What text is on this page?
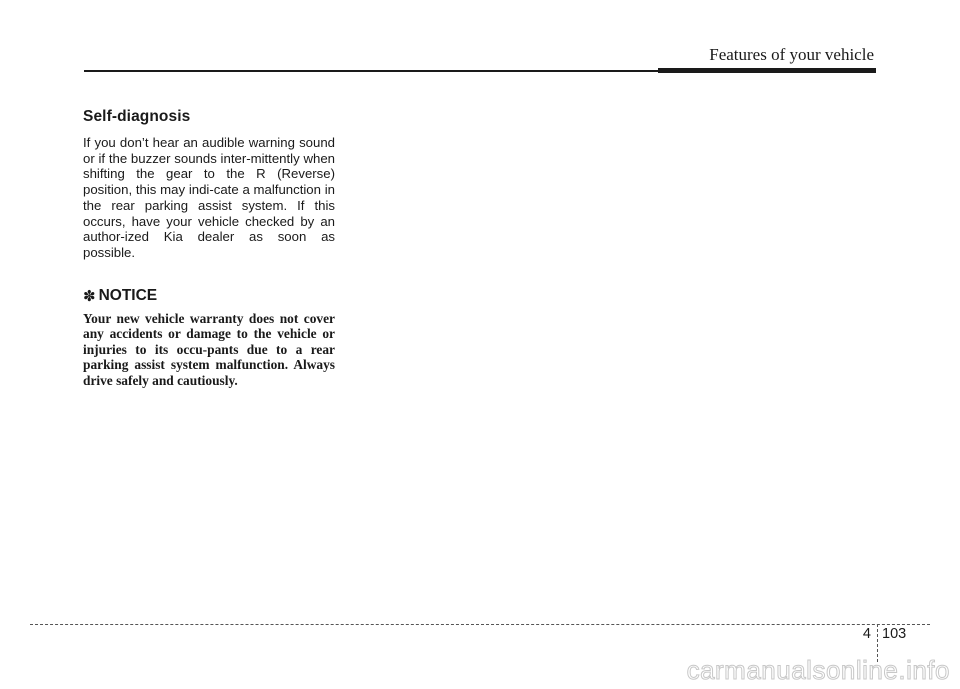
Features of your vehicle
Self-diagnosis

If you don’t hear an audible warning sound or if the buzzer sounds inter-mittently when shifting the gear to the R (Reverse) position, this may indi-cate a malfunction in the rear parking assist system. If this occurs, have your vehicle checked by an author-ized Kia dealer as soon as possible.

✽ NOTICE

Your new vehicle warranty does not cover any accidents or damage to the vehicle or injuries to its occu-pants due to a rear parking assist system malfunction. Always drive safely and cautiously.

4 103
carmanualsonline.info
